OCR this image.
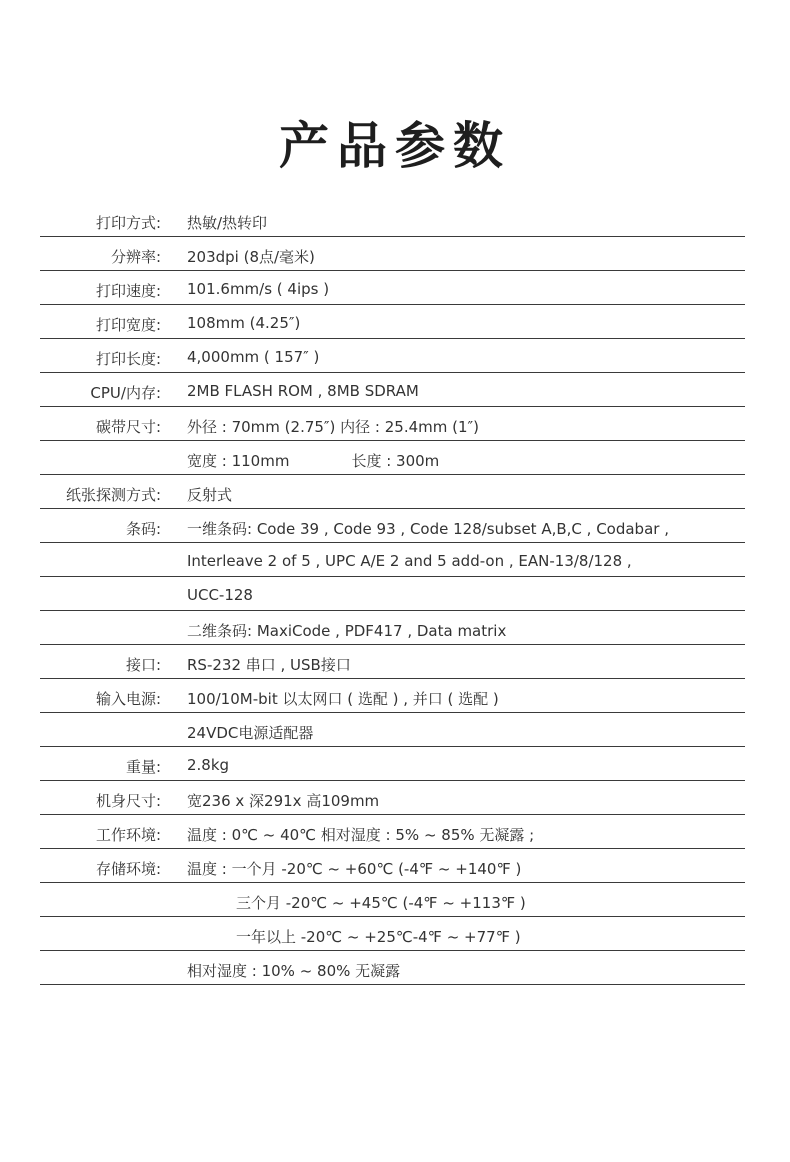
产品参数
打印方式: 热敏/热转印
分辨率: 203dpi (8点/毫米)
打印速度: 101.6mm/s ( 4ips )
打印宽度: 108mm (4.25″)
打印长度: 4,000mm ( 157″ )
CPU/内存: 2MB FLASH ROM , 8MB SDRAM
碳带尺寸: 外径 : 70mm (2.75″) 内径 : 25.4mm (1″)
宽度 : 110mm	长度 : 300m
纸张探测方式: 反射式
条码: 一维条码: Code 39 , Code 93 , Code 128/subset A,B,C , Codabar ,
Interleave 2 of 5 , UPC A/E 2 and 5 add-on , EAN-13/8/128 ,
UCC-128
二维条码: MaxiCode , PDF417 , Data matrix
接口: RS-232 串口 , USB接口
输入电源: 100/10M-bit 以太网口 ( 选配 ) , 并口 ( 选配 )
24VDC电源适配器
重量: 2.8kg
机身尺寸: 宽236 x 深291x 高109mm
工作环境: 温度 : 0℃ ~ 40℃ 相对湿度 : 5% ~ 85% 无凝露 ;
存储环境: 温度 : 一个月 -20℃ ~ +60℃ (-4℉ ~ +140℉ )
三个月 -20℃ ~ +45℃ (-4℉ ~ +113℉ )
一年以上 -20℃ ~ +25℃-4℉ ~ +77℉ )
相对湿度 : 10% ~ 80% 无凝露
